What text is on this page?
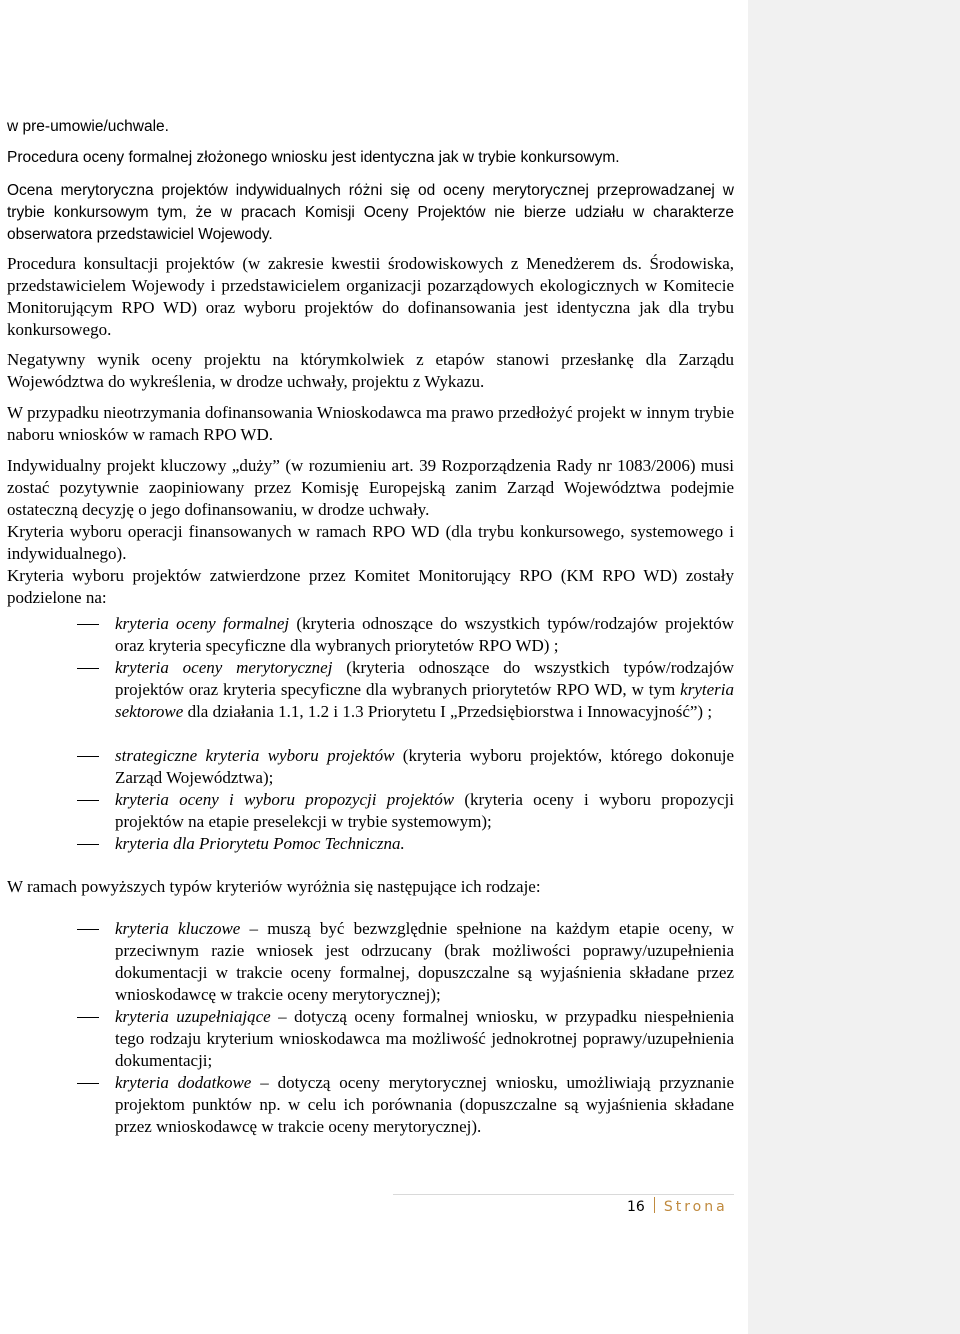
w pre-umowie/uchwale.

Procedura oceny formalnej złożonego wniosku jest identyczna jak w trybie konkursowym.

Ocena merytoryczna projektów indywidualnych różni się od oceny merytorycznej przeprowadzanej w trybie konkursowym tym, że w pracach Komisji Oceny Projektów nie bierze udziału w charakterze obserwatora przedstawiciel Wojewody.

Procedura konsultacji projektów (w zakresie kwestii środowiskowych z Menedżerem ds. Środowiska, przedstawicielem Wojewody i przedstawicielem organizacji pozarządowych ekologicznych w Komitecie Monitorującym RPO WD) oraz wyboru projektów do dofinansowania jest identyczna jak dla trybu konkursowego.

Negatywny wynik oceny projektu na którymkolwiek z etapów stanowi przesłankę dla Zarządu Województwa do wykreślenia, w drodze uchwały, projektu z Wykazu.

W przypadku nieotrzymania dofinansowania Wnioskodawca ma prawo przedłożyć projekt w innym trybie naboru wniosków w ramach RPO WD.

Indywidualny projekt kluczowy „duży” (w rozumieniu art. 39 Rozporządzenia Rady nr 1083/2006) musi zostać pozytywnie zaopiniowany przez Komisję Europejską zanim Zarząd Województwa podejmie ostateczną decyzję o jego dofinansowaniu, w drodze uchwały.

Kryteria wyboru operacji finansowanych w ramach RPO WD (dla trybu konkursowego, systemowego i indywidualnego).

Kryteria wyboru projektów zatwierdzone przez Komitet Monitorujący RPO (KM RPO WD) zostały podzielone na:

kryteria oceny formalnej (kryteria odnoszące do wszystkich typów/rodzajów projektów oraz kryteria specyficzne dla wybranych priorytetów RPO WD) ;

kryteria oceny merytorycznej (kryteria odnoszące do wszystkich typów/rodzajów projektów oraz kryteria specyficzne dla wybranych priorytetów RPO WD, w tym kryteria sektorowe dla działania 1.1, 1.2 i 1.3 Priorytetu I „Przedsiębiorstwa i Innowacyjność”) ;

strategiczne kryteria wyboru projektów (kryteria wyboru projektów, którego dokonuje Zarząd Województwa);

kryteria oceny i wyboru propozycji projektów (kryteria oceny i wyboru propozycji projektów na etapie preselekcji w trybie systemowym);

kryteria dla Priorytetu Pomoc Techniczna.

W ramach powyższych typów kryteriów wyróżnia się następujące ich rodzaje:

kryteria kluczowe – muszą być bezwzględnie spełnione na każdym etapie oceny, w przeciwnym razie wniosek jest odrzucany (brak możliwości poprawy/uzupełnienia dokumentacji w trakcie oceny formalnej, dopuszczalne są wyjaśnienia składane przez wnioskodawcę w trakcie oceny merytorycznej);

kryteria uzupełniające – dotyczą oceny formalnej wniosku, w przypadku niespełnienia tego rodzaju kryterium wnioskodawca ma możliwość jednokrotnej poprawy/uzupełnienia dokumentacji;

kryteria dodatkowe – dotyczą oceny merytorycznej wniosku, umożliwiają przyznanie projektom punktów np. w celu ich porównania (dopuszczalne są wyjaśnienia składane przez wnioskodawcę w trakcie oceny merytorycznej).

16 Strona
